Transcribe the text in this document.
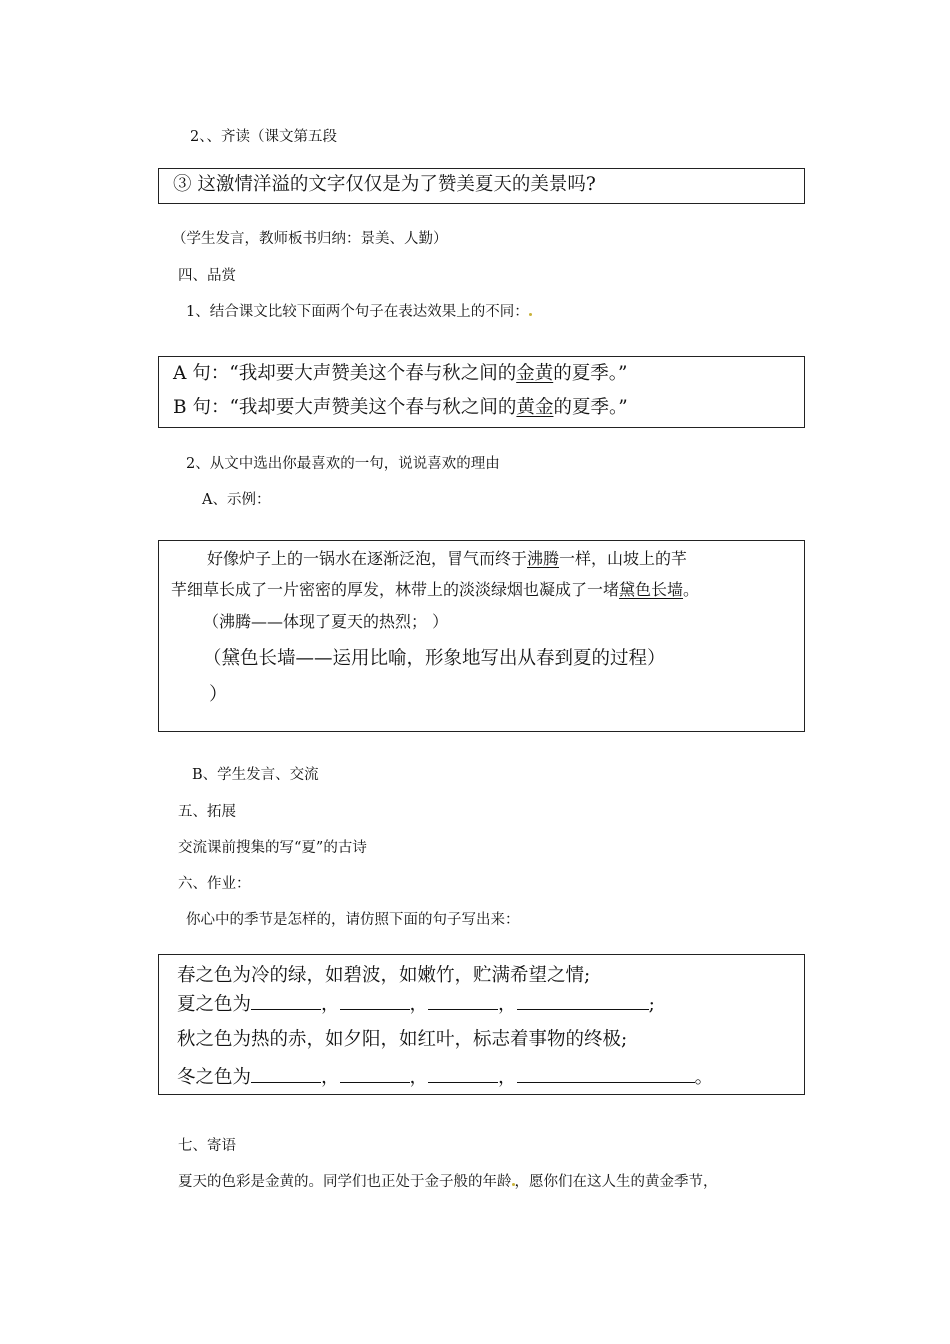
2、、齐读（课文第五段
③ 这激情洋溢的文字仅仅是为了赞美夏天的美景吗?
（学生发言，教师板书归纳：景美、人勤）
四、品赏
1、结合课文比较下面两个句子在表达效果上的不同：
A 句：“我却要大声赞美这个春与秋之间的金黄的夏季。”
B 句：“我却要大声赞美这个春与秋之间的黄金的夏季。”
2、从文中选出你最喜欢的一句，说说喜欢的理由
A、示例：
好像炉子上的一锅水在逐渐泛泡，冒气而终于沸腾一样，山坡上的芊
芊细草长成了一片密密的厚发，林带上的淡淡绿烟也凝成了一堵黛色长墙。
（沸腾——体现了夏天的热烈； ）
（黛色长墙——运用比喻，形象地写出从春到夏的过程）
）
B、学生发言、交流
五、拓展
交流课前搜集的写“夏”的古诗
六、作业：
你心中的季节是怎样的，请仿照下面的句子写出来：
春之色为冷的绿，如碧波，如嫩竹，贮满希望之情;
夏之色为	，	，	，	;
秋之色为热的赤，如夕阳，如红叶，标志着事物的终极;
冬之色为	，	，	，	。
七、寄语
夏天的色彩是金黄的。同学们也正处于金子般的年龄 ，愿你们在这人生的黄金季节，
